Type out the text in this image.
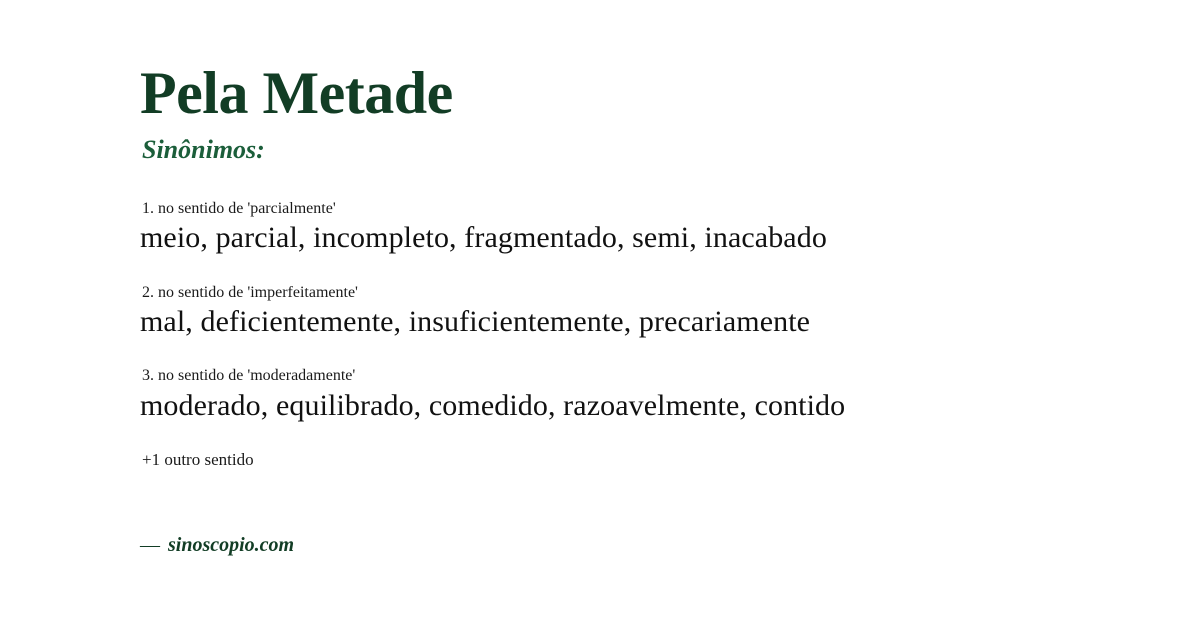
Pela Metade
Sinônimos:
1. no sentido de 'parcialmente'
meio, parcial, incompleto, fragmentado, semi, inacabado
2. no sentido de 'imperfeitamente'
mal, deficientemente, insuficientemente, precariamente
3. no sentido de 'moderadamente'
moderado, equilibrado, comedido, razoavelmente, contido
+1 outro sentido
— sinoscopio.com
